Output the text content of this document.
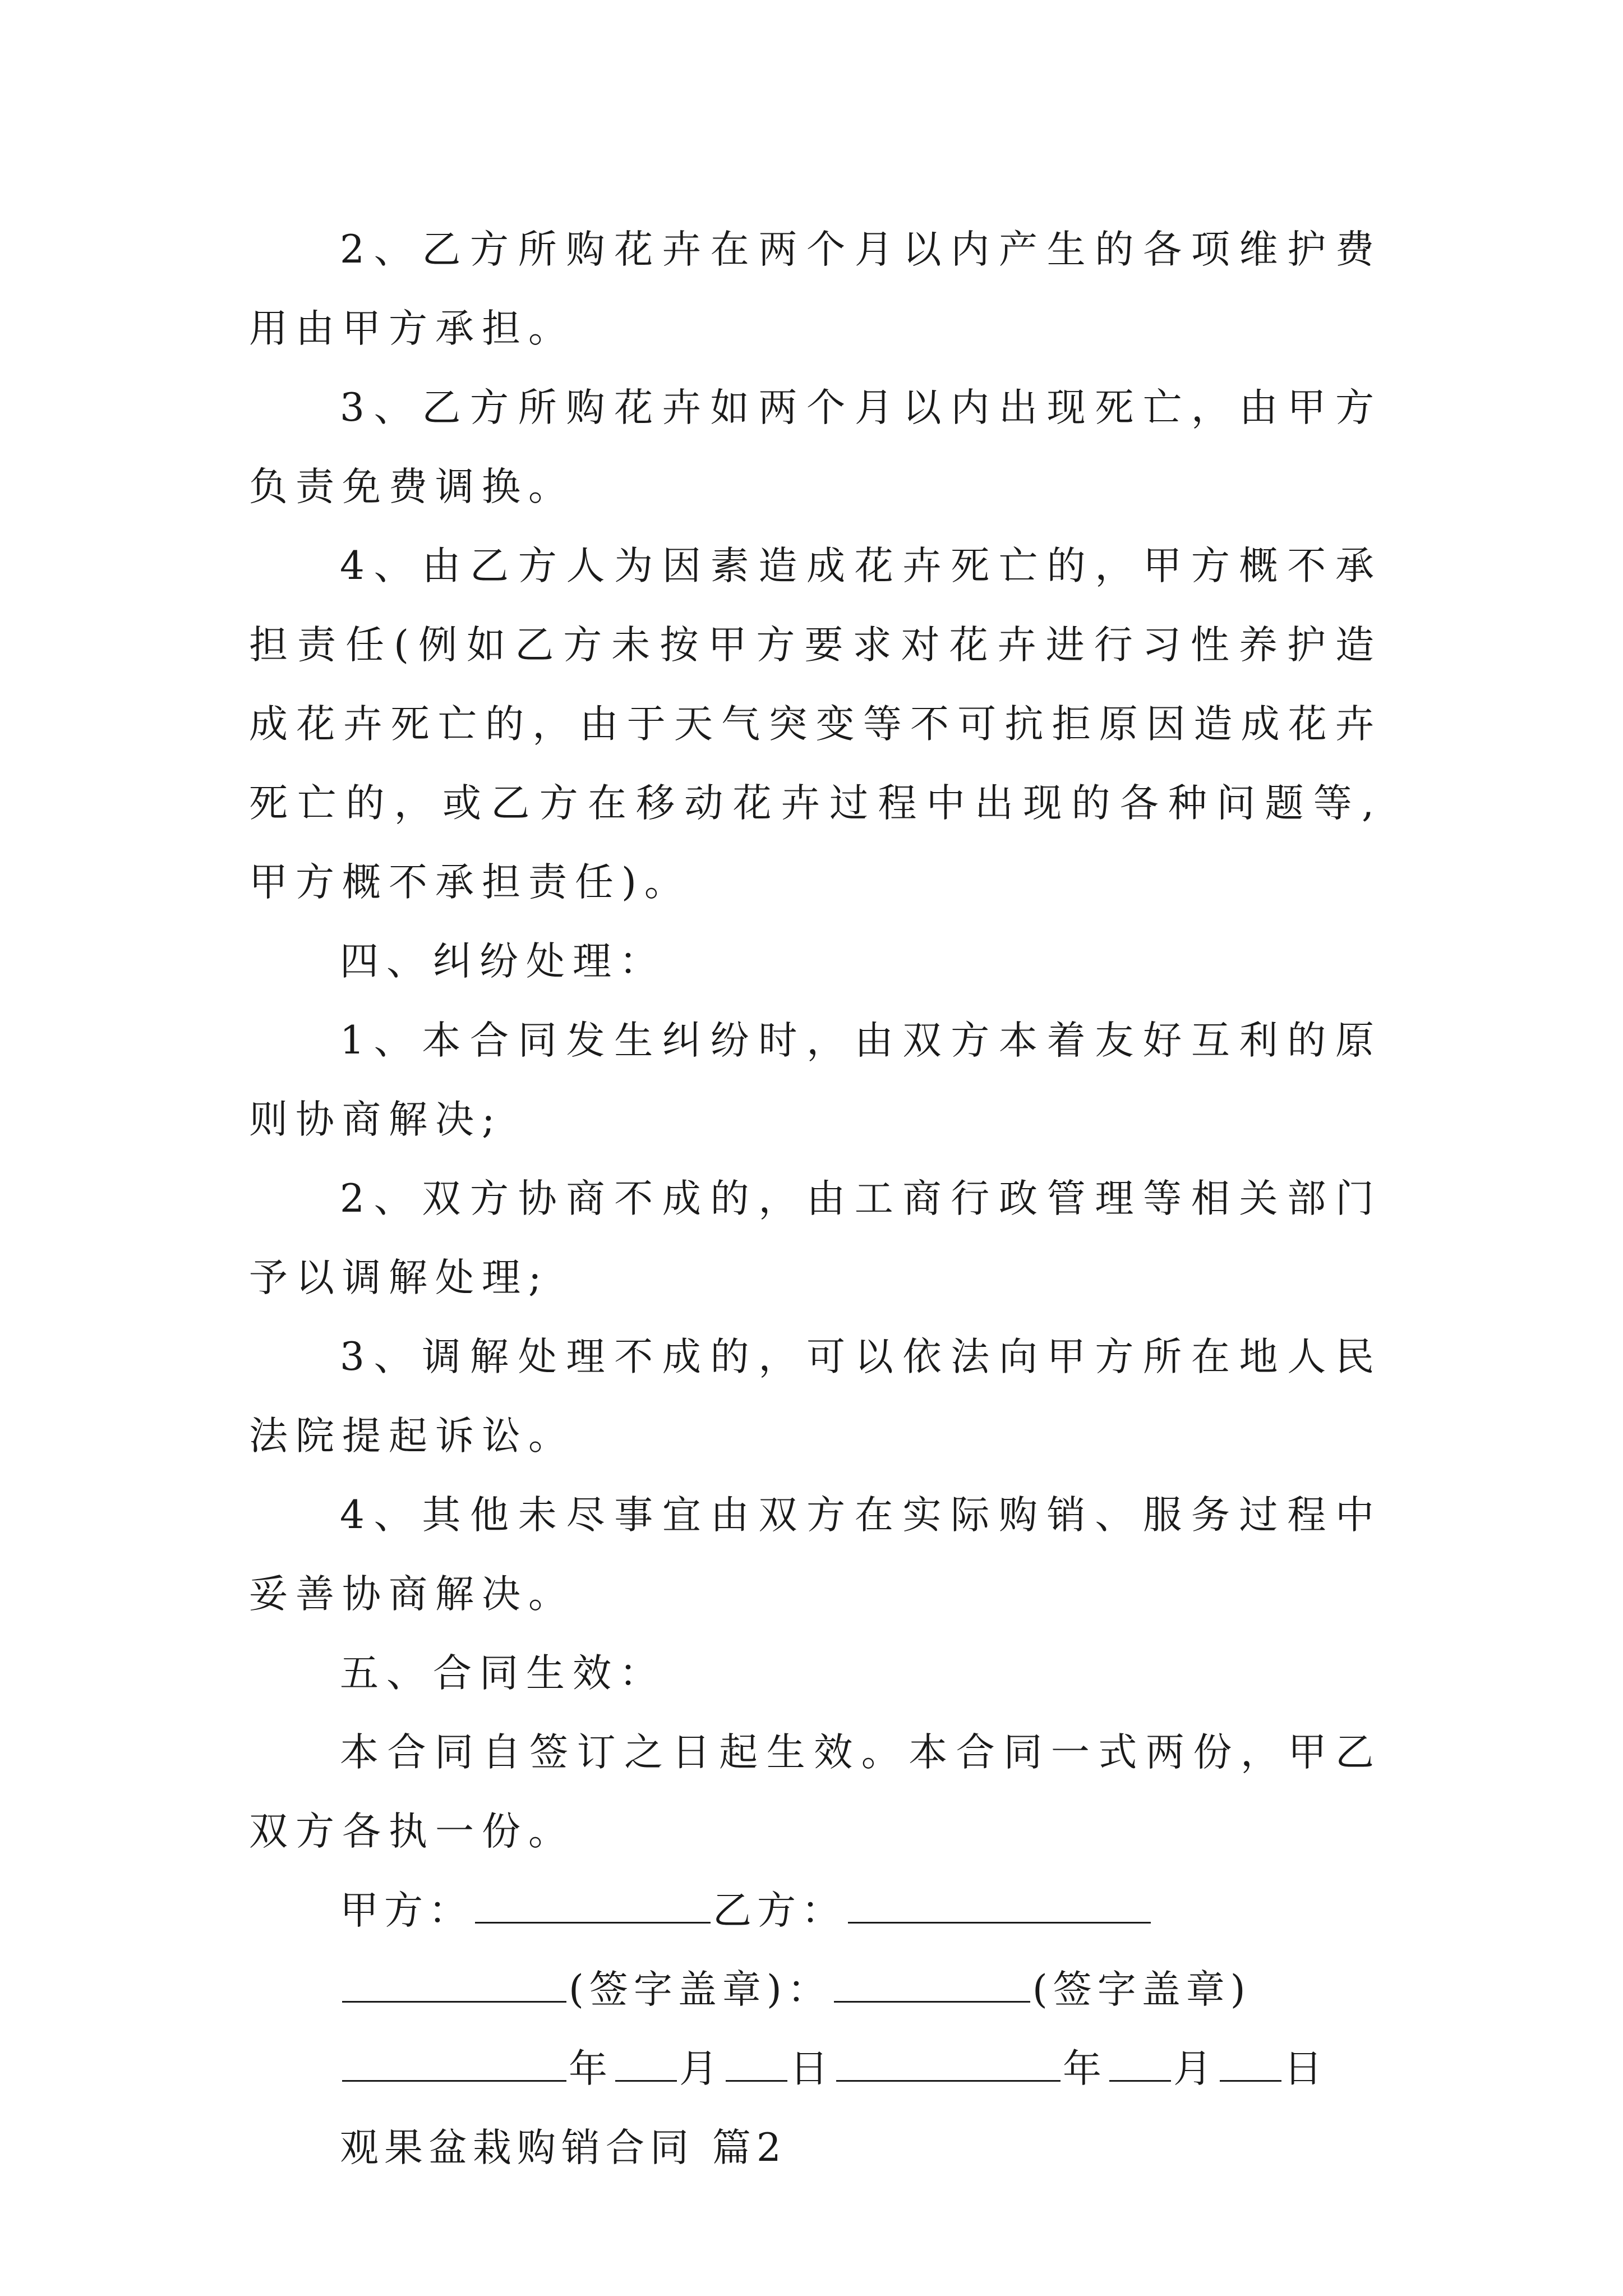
2、乙方所购花卉在两个月以内产生的各项维护费用由甲方承担。

3、乙方所购花卉如两个月以内出现死亡，由甲方负责免费调换。

4、由乙方人为因素造成花卉死亡的，甲方概不承担责任(例如乙方未按甲方要求对花卉进行习性养护造成花卉死亡的，由于天气突变等不可抗拒原因造成花卉死亡的，或乙方在移动花卉过程中出现的各种问题等,甲方概不承担责任)。

四、纠纷处理：

1、本合同发生纠纷时，由双方本着友好互利的原则协商解决;

2、双方协商不成的，由工商行政管理等相关部门予以调解处理;

3、调解处理不成的，可以依法向甲方所在地人民法院提起诉讼。

4、其他未尽事宜由双方在实际购销、服务过程中妥善协商解决。

五、合同生效：

本合同自签订之日起生效。本合同一式两份，甲乙双方各执一份。

甲方：	乙方：

(签字盖章)：	(签字盖章)

年 月 日	年 月 日

观果盆栽购销合同 篇2
